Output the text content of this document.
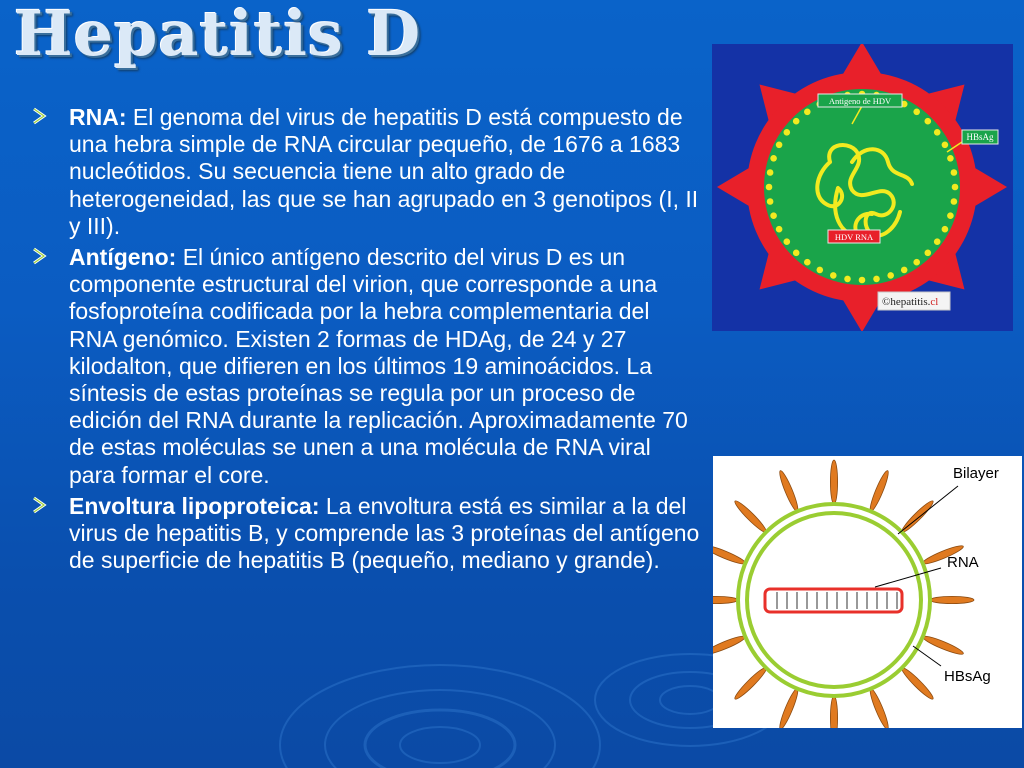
Hepatitis D
RNA: El genoma del virus de hepatitis D está compuesto de una hebra simple de RNA circular pequeño, de 1676 a 1683 nucleótidos. Su secuencia tiene un alto grado de heterogeneidad, las que se han agrupado en 3 genotipos (I, II y III).
Antígeno: El único antígeno descrito del virus D es un componente estructural del virion, que corresponde a una fosfoproteína codificada por la hebra complementaria del RNA genómico. Existen 2 formas de HDAg, de 24 y 27 kilodalton, que difieren en los últimos 19 aminoácidos. La síntesis de estas proteínas se regula por un proceso de edición del RNA durante la replicación. Aproximadamente 70 de estas moléculas se unen a una molécula de RNA viral para formar el core.
Envoltura lipoproteica: La envoltura está es similar a la del virus de hepatitis B, y comprende las 3 proteínas del antígeno de superficie de hepatitis B (pequeño, mediano y grande).
Antigeno de HDV
HBsAg
HDV RNA
©hepatitis.cl
Bilayer
RNA
HBsAg
